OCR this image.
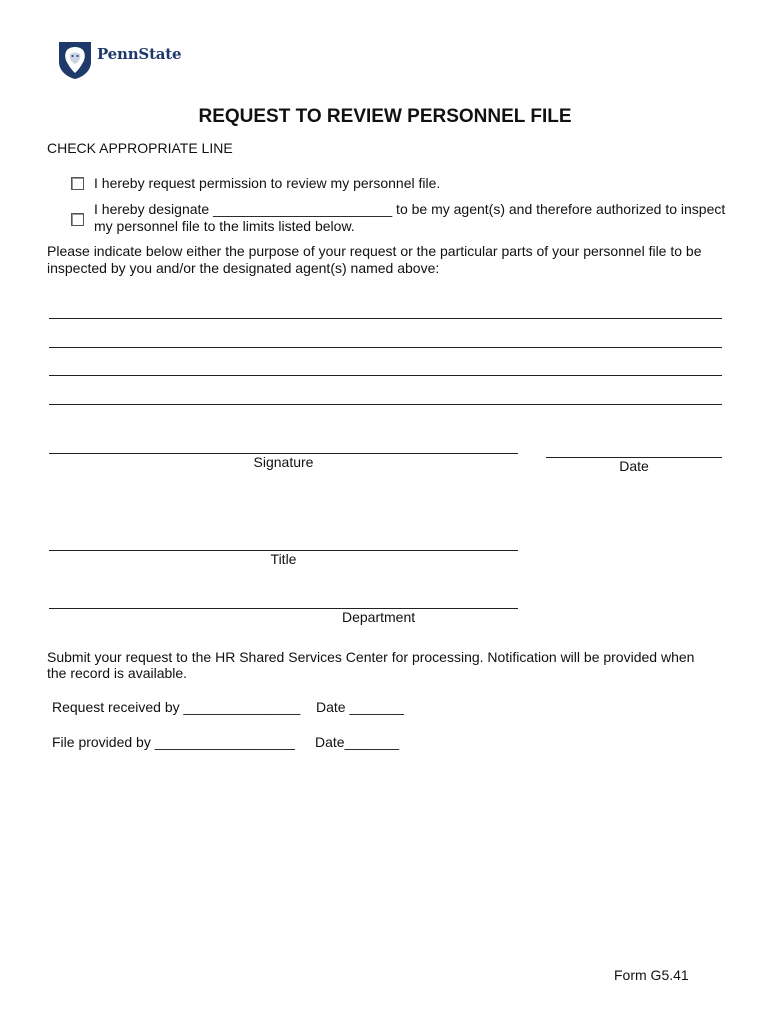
PennState
REQUEST TO REVIEW PERSONNEL FILE
CHECK APPROPRIATE LINE
I hereby request permission to review my personnel file.
I hereby designate _______________________ to be my agent(s) and therefore authorized to inspect
my personnel file to the limits listed below.
Please indicate below either the purpose of your request or the particular parts of your personnel file to be
inspected by you and/or the designated agent(s) named above:
Signature	Date
Title
Department
Submit your request to the HR Shared Services Center for processing. Notification will be provided when
the record is available.
Request received by _______________ Date _______
File provided by __________________ Date_______
Form G5.41
